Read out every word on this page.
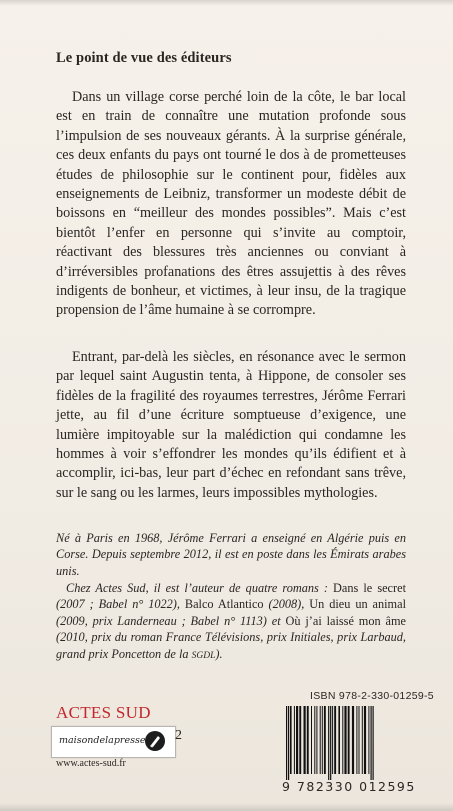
Le point de vue des éditeurs

Dans un village corse perché loin de la côte, le bar local est en train de connaître une mutation profonde sous l’impulsion de ses nouveaux gérants. À la surprise générale, ces deux enfants du pays ont tourné le dos à de prometteuses études de philosophie sur le continent pour, fidèles aux enseignements de Leibniz, transformer un modeste débit de boissons en “meilleur des mondes possibles”. Mais c’est bientôt l’enfer en personne qui s’invite au comptoir, réactivant des blessures très anciennes ou conviant à d’irréversibles profanations des êtres assujettis à des rêves indigents de bonheur, et victimes, à leur insu, de la tragique propension de l’âme humaine à se corrompre.

Entrant, par-delà les siècles, en résonance avec le sermon par lequel saint Augustin tenta, à Hippone, de consoler ses fidèles de la fragilité des royaumes terrestres, Jérôme Ferrari jette, au fil d’une écriture somptueuse d’exigence, une lumière impitoyable sur la malédiction qui condamne les hommes à voir s’effondrer les mondes qu’ils édifient et à accomplir, ici-bas, leur part d’échec en refondant sans trêve, sur le sang ou les larmes, leurs impossibles mythologies.

Né à Paris en 1968, Jérôme Ferrari a enseigné en Algérie puis en Corse. Depuis septembre 2012, il est en poste dans les Émirats arabes unis.

Chez Actes Sud, il est l’auteur de quatre romans : Dans le secret (2007 ; Babel n° 1022), Balco Atlantico (2008), Un dieu un animal (2009, prix Landerneau ; Babel n° 1113) et Où j’ai laissé mon âme (2010, prix du roman France Télévisions, prix Initiales, prix Larbaud, grand prix Poncetton de la SGDL).

ISBN 978-2-330-01259-5
ACTES SUD
maisondelapresse 2
www.actes-sud.fr
9 782330 012595
